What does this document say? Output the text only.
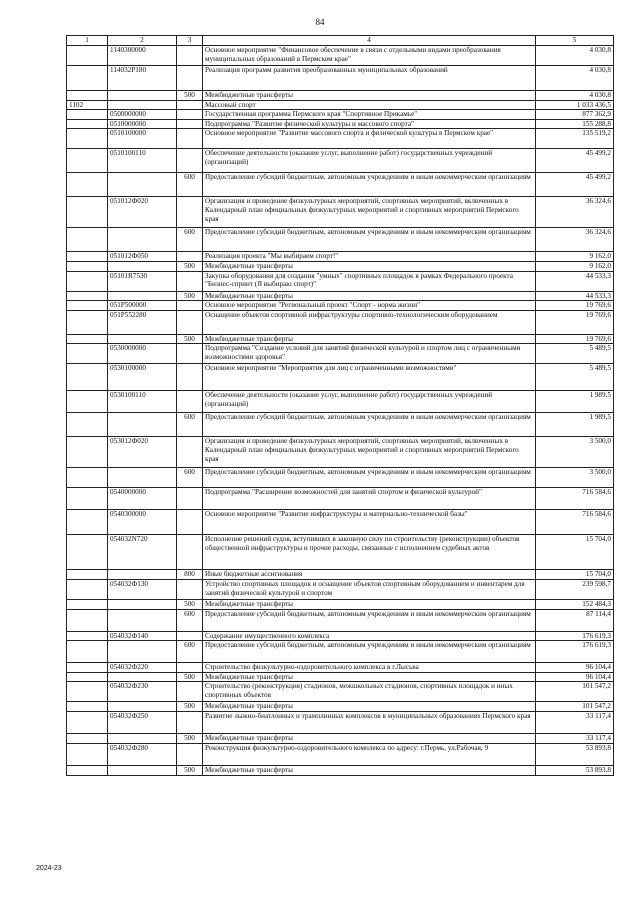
84
1	2	3	4	5
	1140300000		Основное мероприятие "Финансовое обеспечение в связи с отдельными видами преобразования муниципальных образований в Пермском крае"	4 030,8
	114032P180		Реализация программ развития преобразованных муниципальных образований	4 030,8
		500	Межбюджетные трансферты	4 030,8
1102			Массовый спорт	1 033 436,5
	0500000000		Государственная программа Пермского края "Спортивное Прикамье"	877 362,9
	0510000000		Подпрограмма "Развитие физической культуры и массового спорта"	155 288,8
	0510100000		Основное мероприятие "Развитие массового спорта и физической культуры в Пермском крае"	135 519,2
	0510100110		Обеспечение деятельности (оказание услуг, выполнение работ) государственных учреждений (организаций)	45 499,2
		600	Предоставление субсидий бюджетным, автономным учреждениям и иным некоммерческим организациям	45 499,2
	051012Ф020		Организация и проведение физкультурных мероприятий, спортивных мероприятий, включенных в Календарный план официальных физкультурных мероприятий и спортивных мероприятий Пермского края	36 324,6
		600	Предоставление субсидий бюджетным, автономным учреждениям и иным некоммерческим организациям	36 324,6
	051012Ф050		Реализация проекта "Мы выбираем спорт!"	9 162,0
		500	Межбюджетные трансферты	9 162,0
	05101R7530		Закупка оборудования для создания "умных" спортивных площадок в рамках Федерального проекта "Бизнес-спринт (Я выбираю спорт)"	44 533,3
		500	Межбюджетные трансферты	44 533,3
	051P500000		Основное мероприятие "Региональный проект "Спорт - норма жизни"	19 769,6
	051P552280		Оснащение объектов спортивной инфраструктуры спортивно-технологическим оборудованием	19 769,6
		500	Межбюджетные трансферты	19 769,6
	0530000000		Подпрограмма "Создание условий для занятий физической культурой и спортом лиц с ограниченными возможностями здоровья"	5 489,5
	0530100000		Основное мероприятие "Мероприятия для лиц с ограниченными возможностями"	5 489,5
	0530100110		Обеспечение деятельности (оказание услуг, выполнение работ) государственных учреждений (организаций)	1 989,5
		600	Предоставление субсидий бюджетным, автономным учреждениям и иным некоммерческим организациям	1 989,5
	053012Ф020		Организация и проведение физкультурных мероприятий, спортивных мероприятий, включенных в Календарный план официальных физкультурных мероприятий и спортивных мероприятий Пермского края	3 500,0
		600	Предоставление субсидий бюджетным, автономным учреждениям и иным некоммерческим организациям	3 500,0
	0540000000		Подпрограмма "Расширение возможностей для занятий спортом и физической культурой"	716 584,6
	0540300000		Основное мероприятие "Развитие инфраструктуры и материально-технической базы"	716 584,6
	054032N720		Исполнение решений судов, вступивших в законную силу по строительству (реконструкции) объектов общественной инфраструктуры и прочие расходы, связанные с исполнением судебных актов	15 704,0
		800	Иные бюджетные ассигнования	15 704,0
	054032Ф130		Устройство спортивных площадок и оснащение объектов спортивным оборудованием и инвентарем для занятий физической культурой и спортом	239 598,7
		500	Межбюджетные трансферты	152 484,3
		600	Предоставление субсидий бюджетным, автономным учреждениям и иным некоммерческим организациям	87 114,4
	054032Ф140		Содержание имущественного комплекса	176 619,3
		600	Предоставление субсидий бюджетным, автономным учреждениям и иным некоммерческим организациям	176 619,3
	054032Ф220		Строительство физкультурно-оздоровительного комплекса в г.Лысьва	96 104,4
		500	Межбюджетные трансферты	96 104,4
	054032Ф230		Строительство (реконструкция) стадионов, межшкольных стадионов, спортивных площадок и иных спортивных объектов	101 547,2
		500	Межбюджетные трансферты	101 547,2
	054032Ф250		Развитие лыжно-биатлонных и трамплинных комплексов в муниципальных образованиях Пермского края	33 117,4
		500	Межбюджетные трансферты	33 117,4
	054032Ф280		Реконструкция физкультурно-оздоровительного комплекса по адресу: г.Пермь, ул.Рабочая, 9	53 893,8
		500	Межбюджетные трансферты	53 893,8
2024-23
